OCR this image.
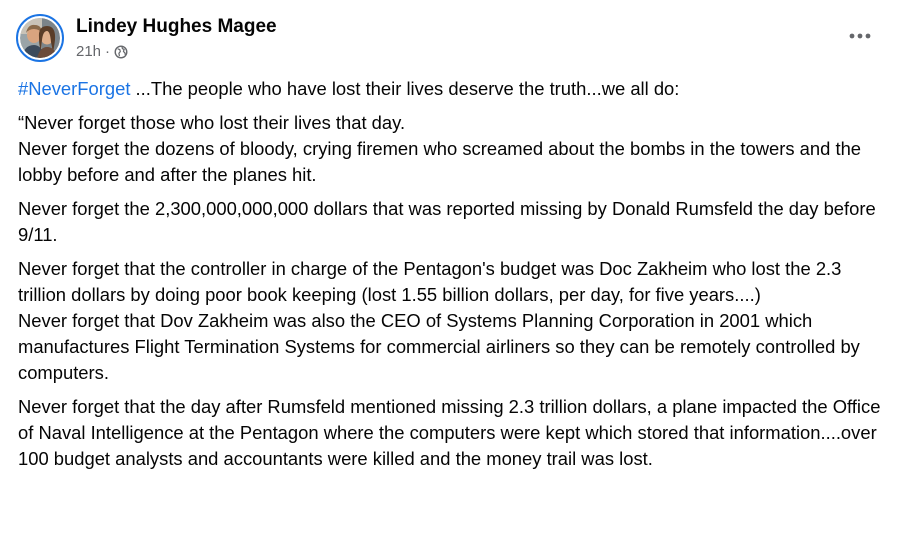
Lindey Hughes Magee
21h ·

#NeverForget ...The people who have lost their lives deserve the truth...we all do:

“Never forget those who lost their lives that day.
Never forget the dozens of bloody, crying firemen who screamed about the bombs in the towers and the lobby before and after the planes hit.

Never forget the 2,300,000,000,000 dollars that was reported missing by Donald Rumsfeld the day before 9/11.

Never forget that the controller in charge of the Pentagon's budget was Doc Zakheim who lost the 2.3 trillion dollars by doing poor book keeping (lost 1.55 billion dollars, per day, for five years....)
Never forget that Dov Zakheim was also the CEO of Systems Planning Corporation in 2001 which manufactures Flight Termination Systems for commercial airliners so they can be remotely controlled by computers.

Never forget that the day after Rumsfeld mentioned missing 2.3 trillion dollars, a plane impacted the Office of Naval Intelligence at the Pentagon where the computers were kept which stored that information....over 100 budget analysts and accountants were killed and the money trail was lost.
